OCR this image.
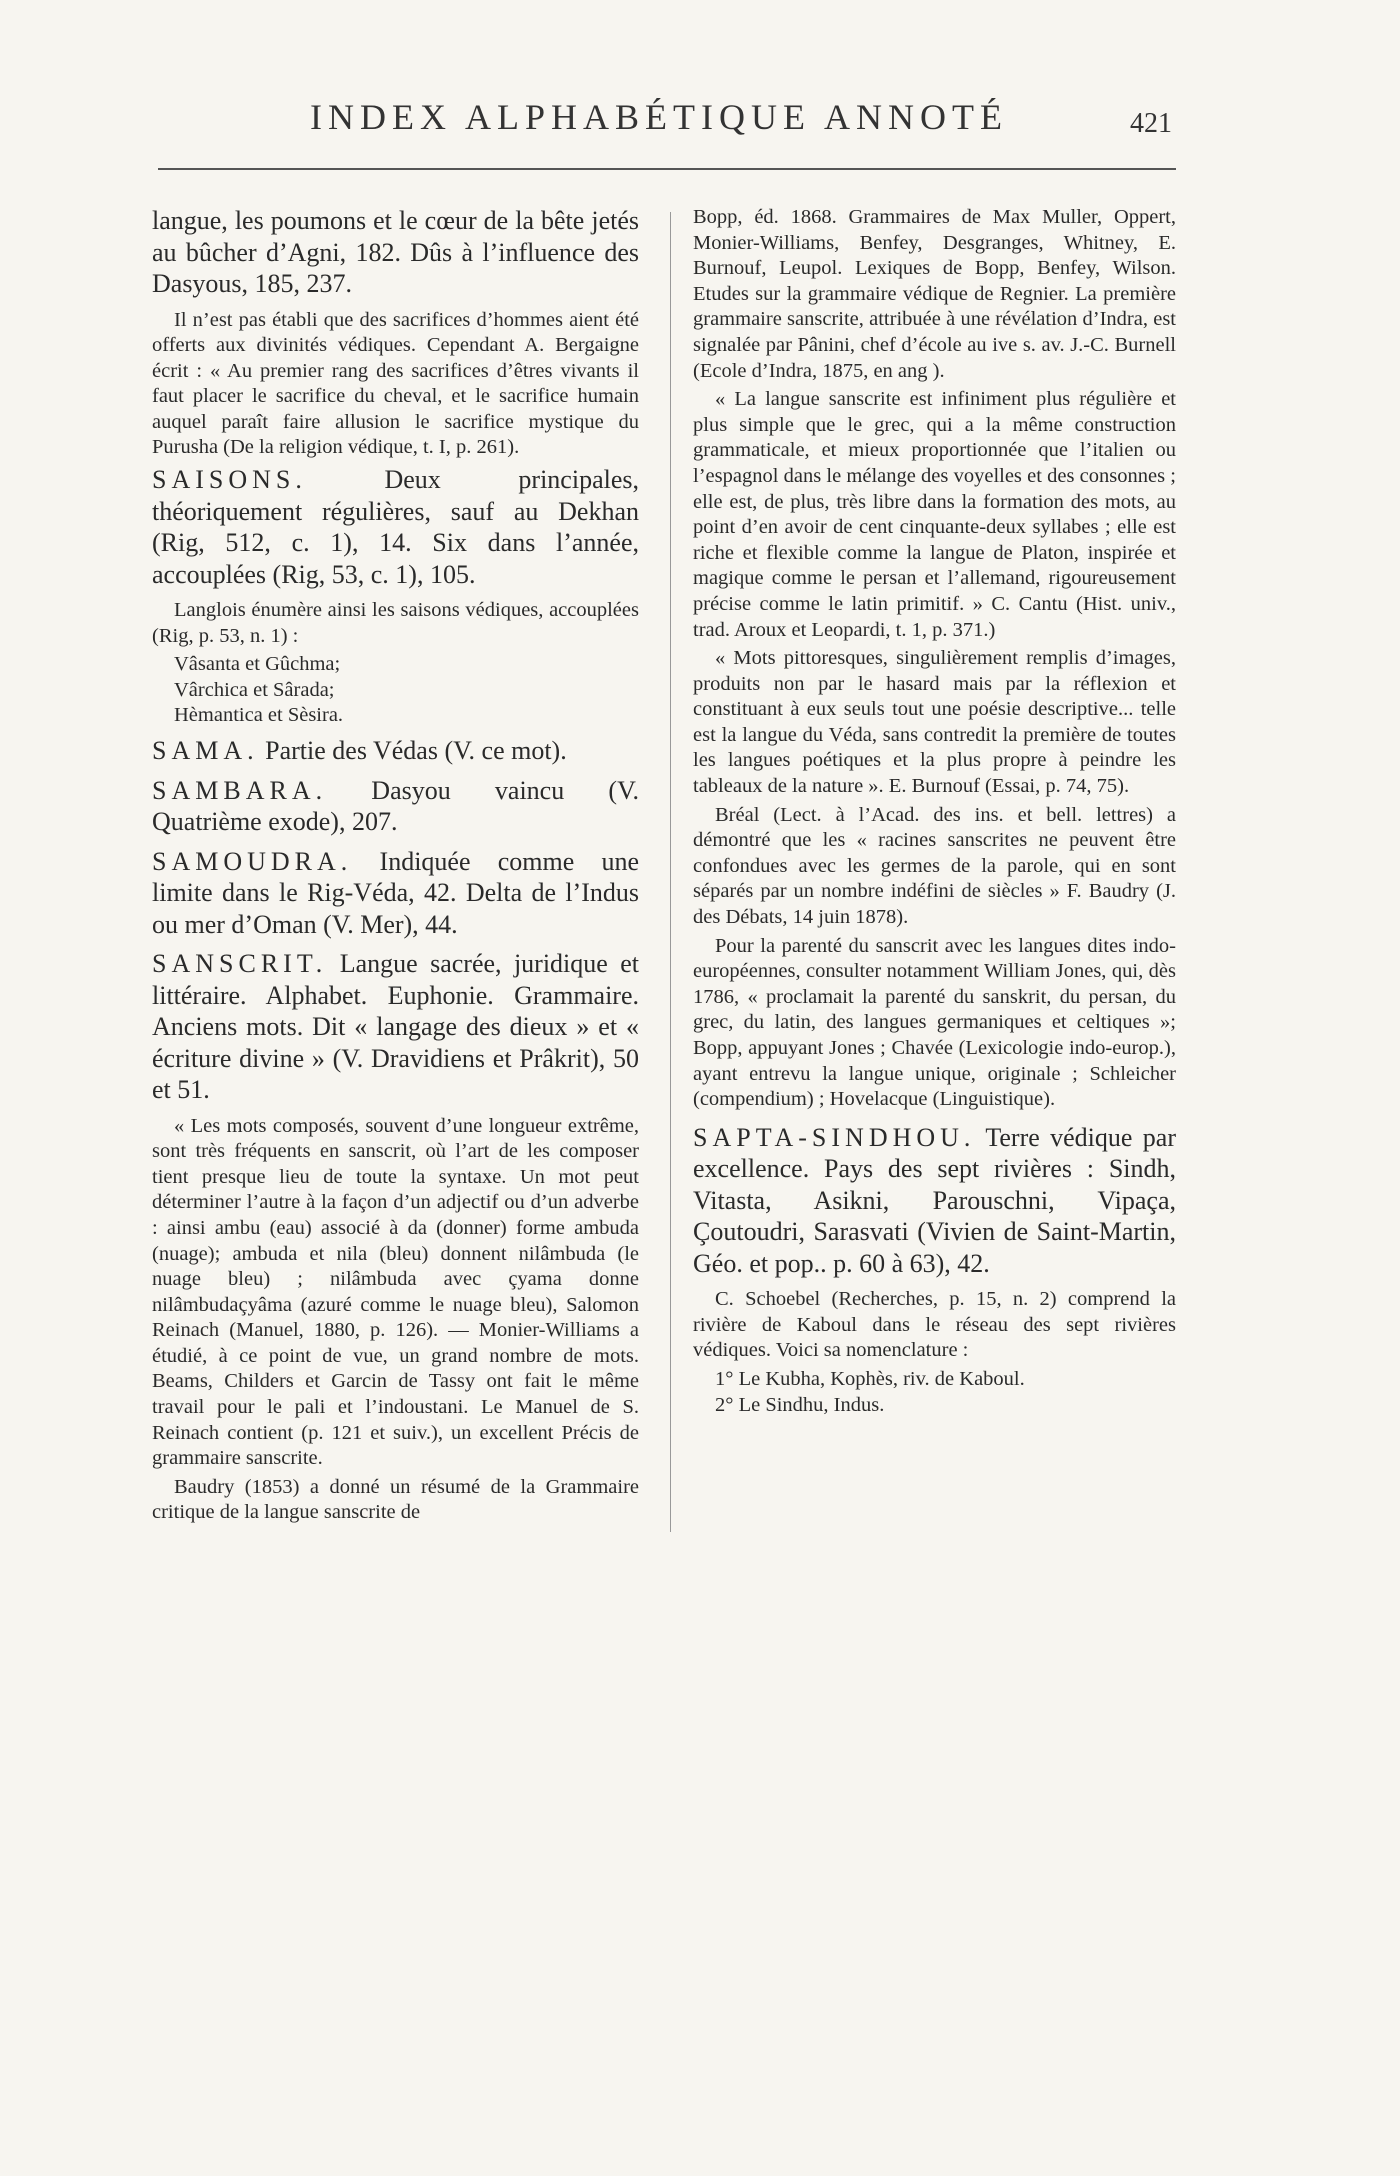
INDEX ALPHABÉTIQUE ANNOTÉ	421

langue, les poumons et le cœur de la bête jetés au bûcher d’Agni, 182. Dûs à l’influence des Dasyous, 185, 237.

Il n’est pas établi que des sacrifices d’hommes aient été offerts aux divinités védiques. Cependant A. Bergaigne écrit : « Au premier rang des sacrifices d’êtres vivants il faut placer le sacrifice du cheval, et le sacrifice humain auquel paraît faire allusion le sacrifice mystique du Purusha (De la religion védique, t. I, p. 261).

SAISONS. Deux principales, théoriquement régulières, sauf au Dekhan (Rig, 512, c. 1), 14. Six dans l’année, accouplées (Rig, 53, c. 1), 105.

Langlois énumère ainsi les saisons védiques, accouplées (Rig, p. 53, n. 1) :

Vâsanta et Gûchma;

Vârchica et Sârada;

Hèmantica et Sèsira.

SAMA. Partie des Védas (V. ce mot).

SAMBARA. Dasyou vaincu (V. Quatrième exode), 207.

SAMOUDRA. Indiquée comme une limite dans le Rig-Véda, 42. Delta de l’Indus ou mer d’Oman (V. Mer), 44.

SANSCRIT. Langue sacrée, juridique et littéraire. Alphabet. Euphonie. Grammaire. Anciens mots. Dit « langage des dieux » et « écriture divine » (V. Dravidiens et Prâkrit), 50 et 51.

« Les mots composés, souvent d’une longueur extrême, sont très fréquents en sanscrit, où l’art de les composer tient presque lieu de toute la syntaxe. Un mot peut déterminer l’autre à la façon d’un adjectif ou d’un adverbe : ainsi ambu (eau) associé à da (donner) forme ambuda (nuage); ambuda et nila (bleu) donnent nilâmbuda (le nuage bleu) ; nilâmbuda avec çyama donne nilâmbudaçyâma (azuré comme le nuage bleu), Salomon Reinach (Manuel, 1880, p. 126). — Monier-Williams a étudié, à ce point de vue, un grand nombre de mots. Beams, Childers et Garcin de Tassy ont fait le même travail pour le pali et l’indoustani. Le Manuel de S. Reinach contient (p. 121 et suiv.), un excellent Précis de grammaire sanscrite.

Baudry (1853) a donné un résumé de la Grammaire critique de la langue sanscrite de

Bopp, éd. 1868. Grammaires de Max Muller, Oppert, Monier-Williams, Benfey, Desgranges, Whitney, E. Burnouf, Leupol. Lexiques de Bopp, Benfey, Wilson. Etudes sur la grammaire védique de Regnier. La première grammaire sanscrite, attribuée à une révélation d’Indra, est signalée par Pânini, chef d’école au ive s. av. J.-C. Burnell (Ecole d’Indra, 1875, en ang ).

« La langue sanscrite est infiniment plus régulière et plus simple que le grec, qui a la même construction grammaticale, et mieux proportionnée que l’italien ou l’espagnol dans le mélange des voyelles et des consonnes ; elle est, de plus, très libre dans la formation des mots, au point d’en avoir de cent cinquante-deux syllabes ; elle est riche et flexible comme la langue de Platon, inspirée et magique comme le persan et l’allemand, rigoureusement précise comme le latin primitif. » C. Cantu (Hist. univ., trad. Aroux et Leopardi, t. 1, p. 371.)

« Mots pittoresques, singulièrement remplis d’images, produits non par le hasard mais par la réflexion et constituant à eux seuls tout une poésie descriptive... telle est la langue du Véda, sans contredit la première de toutes les langues poétiques et la plus propre à peindre les tableaux de la nature ». E. Burnouf (Essai, p. 74, 75).

Bréal (Lect. à l’Acad. des ins. et bell. lettres) a démontré que les « racines sanscrites ne peuvent être confondues avec les germes de la parole, qui en sont séparés par un nombre indéfini de siècles » F. Baudry (J. des Débats, 14 juin 1878).

Pour la parenté du sanscrit avec les langues dites indo-européennes, consulter notamment William Jones, qui, dès 1786, « proclamait la parenté du sanskrit, du persan, du grec, du latin, des langues germaniques et celtiques »; Bopp, appuyant Jones ; Chavée (Lexicologie indo-europ.), ayant entrevu la langue unique, originale ; Schleicher (compendium) ; Hovelacque (Linguistique).

SAPTA-SINDHOU. Terre védique par excellence. Pays des sept rivières : Sindh, Vitasta, Asikni, Parouschni, Vipaça, Çoutoudri, Sarasvati (Vivien de Saint-Martin, Géo. et pop.. p. 60 à 63), 42.

C. Schoebel (Recherches, p. 15, n. 2) comprend la rivière de Kaboul dans le réseau des sept rivières védiques. Voici sa nomenclature :

1° Le Kubha, Kophès, riv. de Kaboul.

2° Le Sindhu, Indus.
